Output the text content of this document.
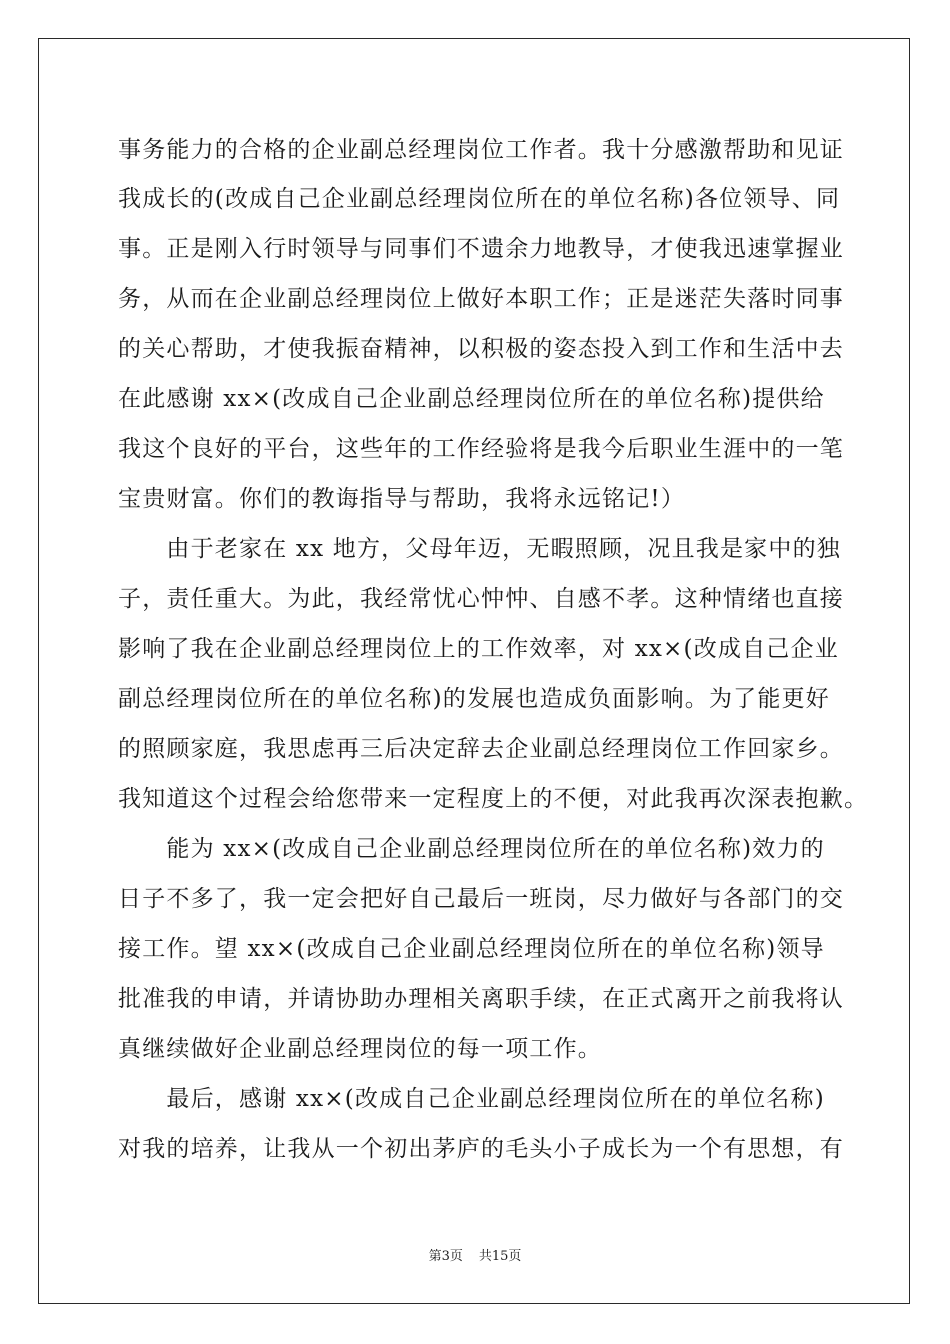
事务能力的合格的企业副总经理岗位工作者。我十分感激帮助和见证
我成长的(改成自己企业副总经理岗位所在的单位名称)各位领导、同
事。正是刚入行时领导与同事们不遗余力地教导，才使我迅速掌握业
务，从而在企业副总经理岗位上做好本职工作；正是迷茫失落时同事
的关心帮助，才使我振奋精神，以积极的姿态投入到工作和生活中去
在此感谢 xx×(改成自己企业副总经理岗位所在的单位名称)提供给
我这个良好的平台，这些年的工作经验将是我今后职业生涯中的一笔
宝贵财富。你们的教诲指导与帮助，我将永远铭记!）
　　由于老家在 xx 地方，父母年迈，无暇照顾，况且我是家中的独
子，责任重大。为此，我经常忧心忡忡、自感不孝。这种情绪也直接
影响了我在企业副总经理岗位上的工作效率，对 xx×(改成自己企业
副总经理岗位所在的单位名称)的发展也造成负面影响。为了能更好
的照顾家庭，我思虑再三后决定辞去企业副总经理岗位工作回家乡。
我知道这个过程会给您带来一定程度上的不便，对此我再次深表抱歉。
　　能为 xx×(改成自己企业副总经理岗位所在的单位名称)效力的
日子不多了，我一定会把好自己最后一班岗，尽力做好与各部门的交
接工作。望 xx×(改成自己企业副总经理岗位所在的单位名称)领导
批准我的申请，并请协助办理相关离职手续，在正式离开之前我将认
真继续做好企业副总经理岗位的每一项工作。
　　最后，感谢 xx×(改成自己企业副总经理岗位所在的单位名称)
对我的培养，让我从一个初出茅庐的毛头小子成长为一个有思想，有
第3页 共15页
